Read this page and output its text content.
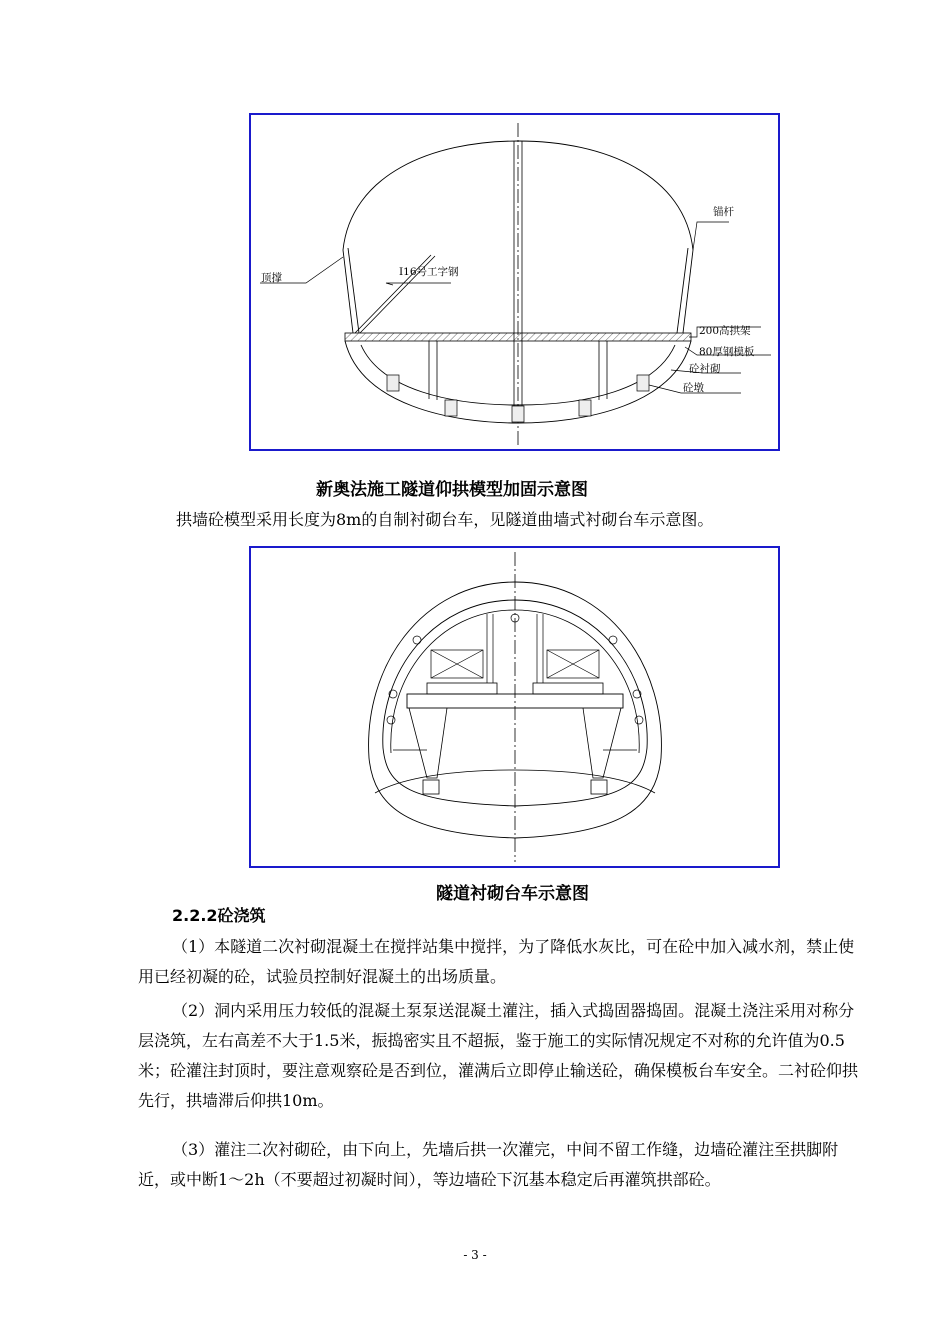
锚杆
顶撑	I16号工字钢
200高拱架
80厚钢模板
砼衬砌
砼墩
新奥法施工隧道仰拱模型加固示意图
拱墙砼模型采用长度为8m的自制衬砌台车，见隧道曲墙式衬砌台车示意图。
隧道衬砌台车示意图
2.2.2砼浇筑
（1）本隧道二次衬砌混凝土在搅拌站集中搅拌，为了降低水灰比，可在砼中加入减水剂，禁止使用已经初凝的砼，试验员控制好混凝土的出场质量。
（2）洞内采用压力较低的混凝土泵泵送混凝土灌注，插入式捣固器捣固。混凝土浇注采用对称分层浇筑，左右高差不大于1.5米，振捣密实且不超振，鉴于施工的实际情况规定不对称的允许值为0.5米；砼灌注封顶时，要注意观察砼是否到位，灌满后立即停止输送砼，确保模板台车安全。二衬砼仰拱先行，拱墙滞后仰拱10m。
（3）灌注二次衬砌砼，由下向上，先墙后拱一次灌完，中间不留工作缝，边墙砼灌注至拱脚附近，或中断1～2h（不要超过初凝时间），等边墙砼下沉基本稳定后再灌筑拱部砼。
- 3 -
